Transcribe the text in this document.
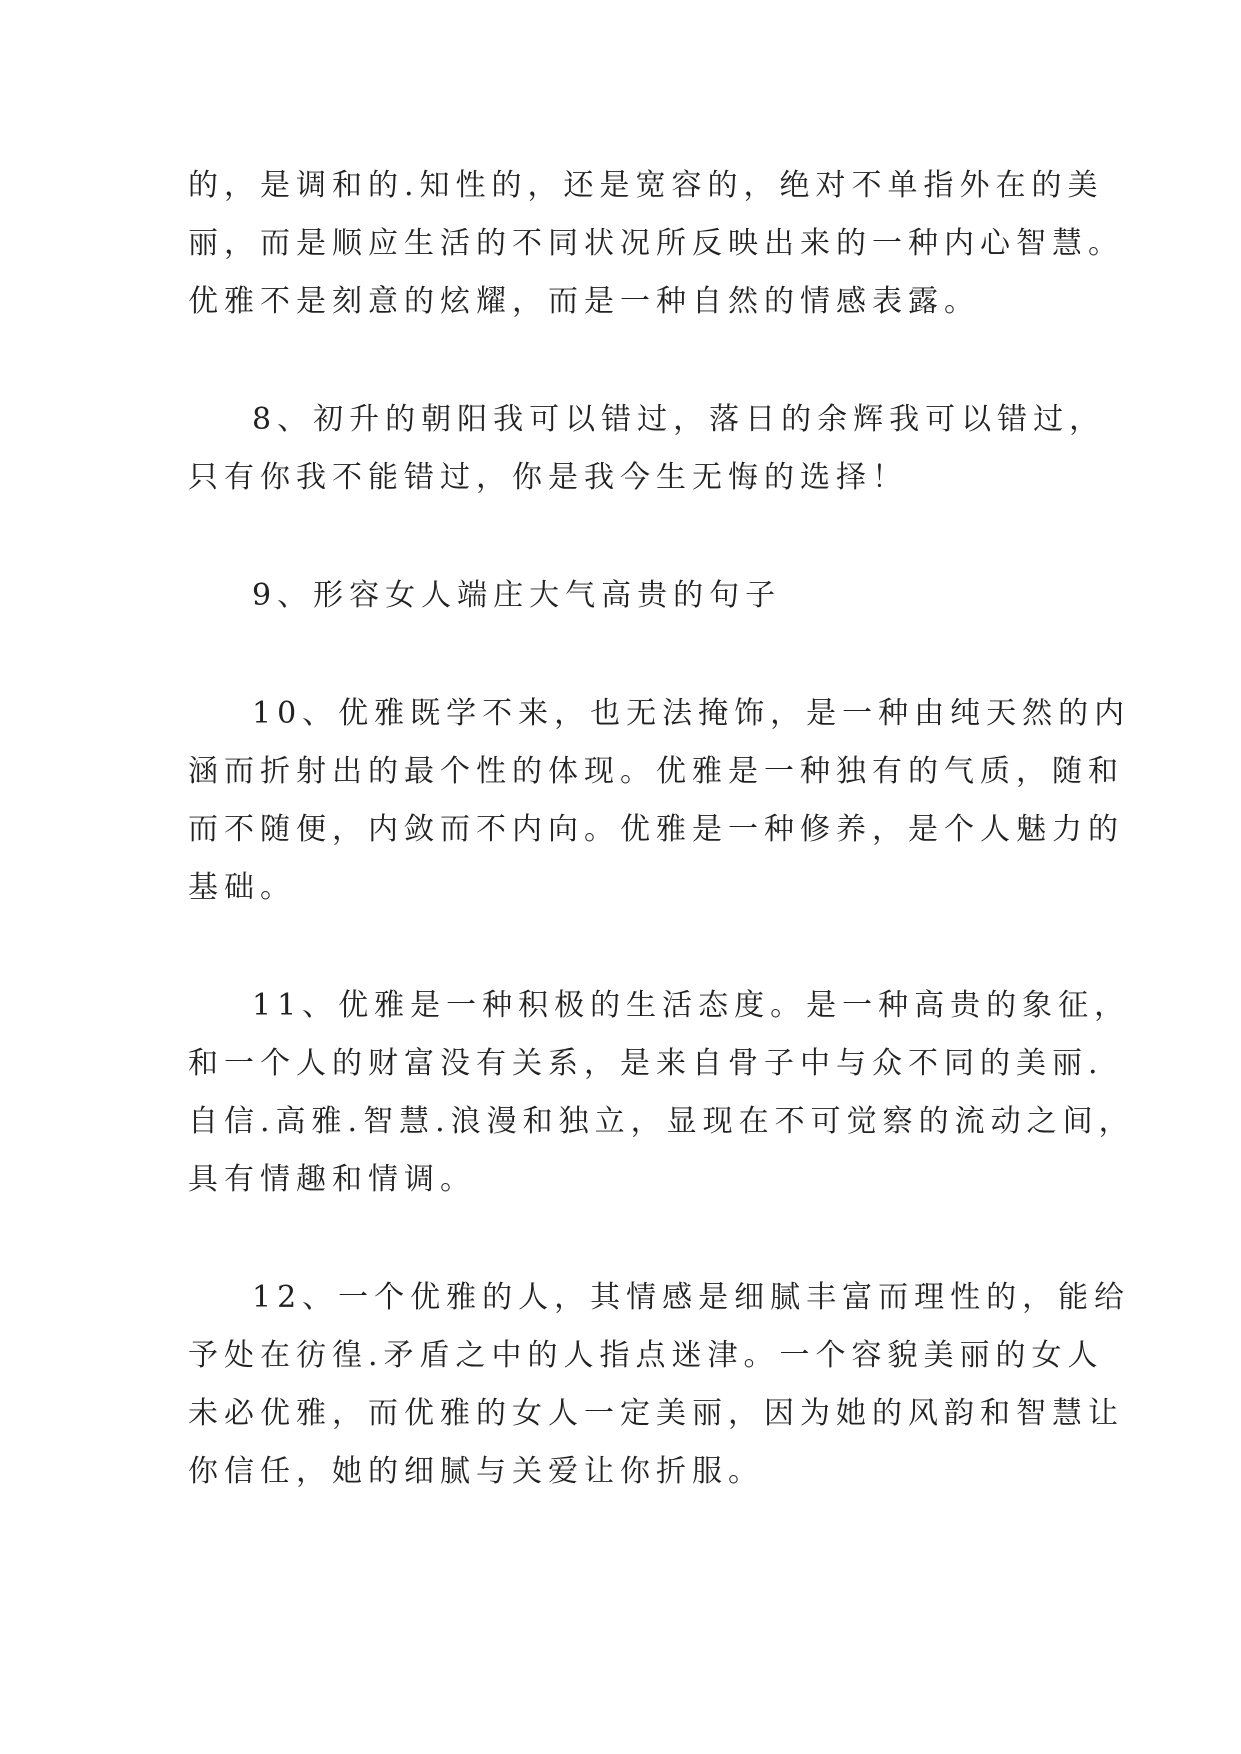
的，是调和的.知性的，还是宽容的，绝对不单指外在的美
丽，而是顺应生活的不同状况所反映出来的一种内心智慧。
优雅不是刻意的炫耀，而是一种自然的情感表露。

8、初升的朝阳我可以错过，落日的余辉我可以错过，
只有你我不能错过，你是我今生无悔的选择！

9、形容女人端庄大气高贵的句子

10、优雅既学不来，也无法掩饰，是一种由纯天然的内
涵而折射出的最个性的体现。优雅是一种独有的气质，随和
而不随便，内敛而不内向。优雅是一种修养，是个人魅力的
基础。

11、优雅是一种积极的生活态度。是一种高贵的象征，
和一个人的财富没有关系，是来自骨子中与众不同的美丽.
自信.高雅.智慧.浪漫和独立，显现在不可觉察的流动之间，
具有情趣和情调。

12、一个优雅的人，其情感是细腻丰富而理性的，能给
予处在彷徨.矛盾之中的人指点迷津。一个容貌美丽的女人
未必优雅，而优雅的女人一定美丽，因为她的风韵和智慧让
你信任，她的细腻与关爱让你折服。
